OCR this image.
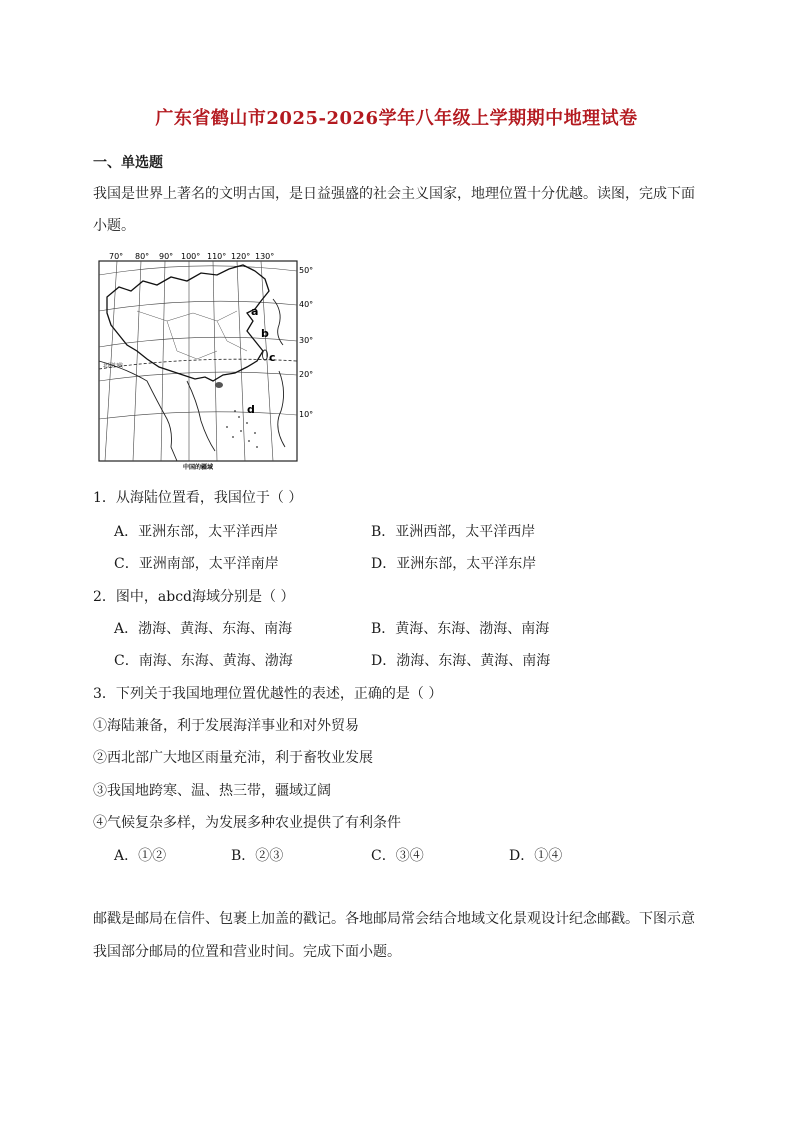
广东省鹤山市2025-2026学年八年级上学期期中地理试卷
一、单选题
我国是世界上著名的文明古国，是日益强盛的社会主义国家，地理位置十分优越。读图，完成下面
小题。
70° 80° 90° 100° 110° 120° 130°
50°
40°
30°
20°
10°
北回归线
a
b
c
d
中国的疆域
1．从海陆位置看，我国位于（ ）
A．亚洲东部，太平洋西岸	B．亚洲西部，太平洋西岸
C．亚洲南部，太平洋南岸	D．亚洲东部，太平洋东岸
2．图中，abcd海域分别是（ ）
A．渤海、黄海、东海、南海	B．黄海、东海、渤海、南海
C．南海、东海、黄海、渤海	D．渤海、东海、黄海、南海
3．下列关于我国地理位置优越性的表述，正确的是（ ）
①海陆兼备，利于发展海洋事业和对外贸易
②西北部广大地区雨量充沛，利于畜牧业发展
③我国地跨寒、温、热三带，疆域辽阔
④气候复杂多样，为发展多种农业提供了有利条件
A．①②	B．②③	C．③④	D．①④
邮戳是邮局在信件、包裹上加盖的戳记。各地邮局常会结合地域文化景观设计纪念邮戳。下图示意
我国部分邮局的位置和营业时间。完成下面小题。
